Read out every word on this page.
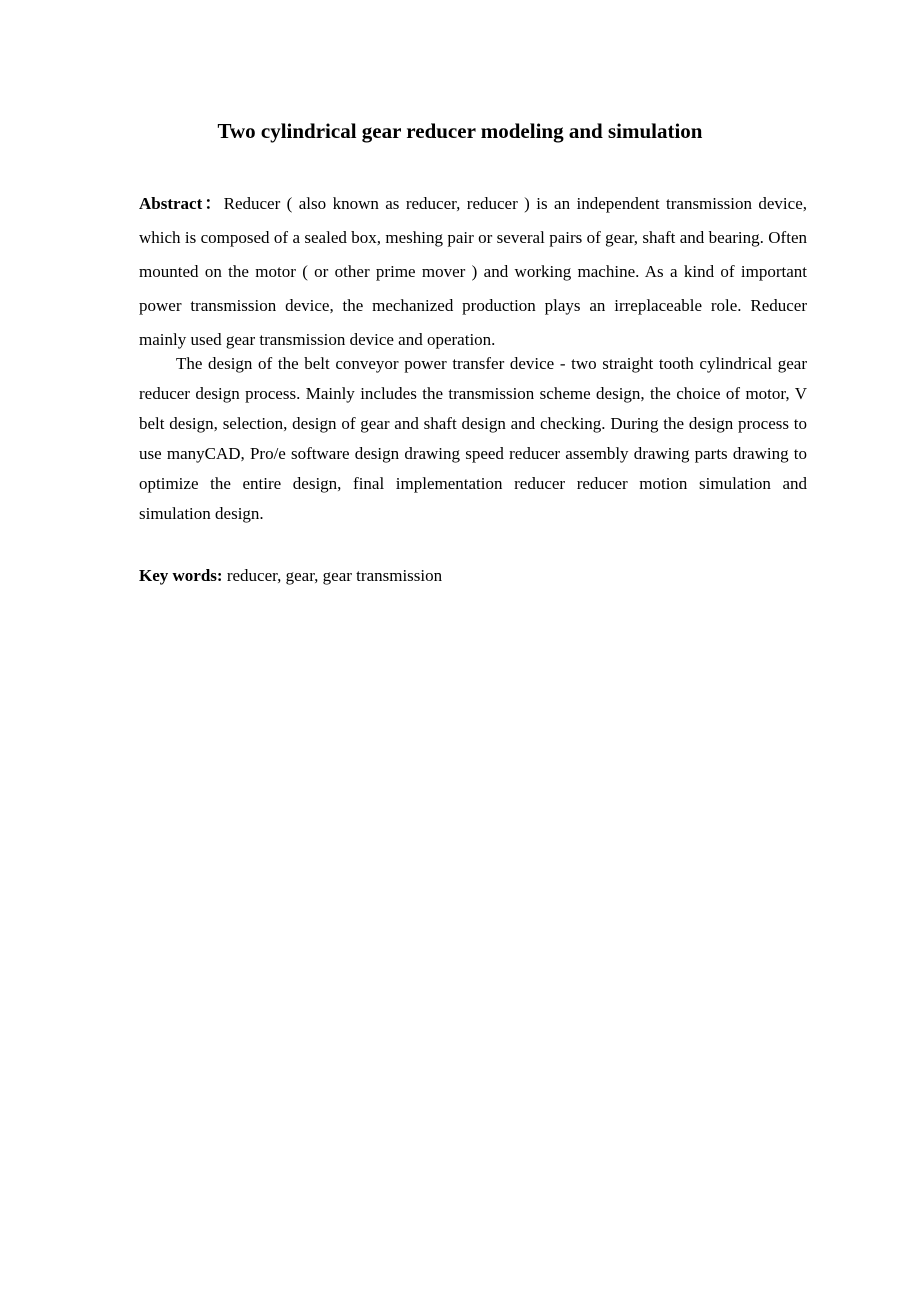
Two cylindrical gear reducer modeling and simulation

Abstract：Reducer ( also known as reducer, reducer ) is an independent transmission device, which is composed of a sealed box, meshing pair or several pairs of gear, shaft and bearing. Often mounted on the motor ( or other prime mover ) and working machine. As a kind of important power transmission device, the mechanized production plays an irreplaceable role. Reducer mainly used gear transmission device and operation.

The design of the belt conveyor power transfer device - two straight tooth cylindrical gear reducer design process. Mainly includes the transmission scheme design, the choice of motor, V belt design, selection, design of gear and shaft design and checking. During the design process to use manyCAD, Pro/e software design drawing speed reducer assembly drawing parts drawing to optimize the entire design, final implementation reducer reducer motion simulation and simulation design.

Key words: reducer, gear, gear transmission
